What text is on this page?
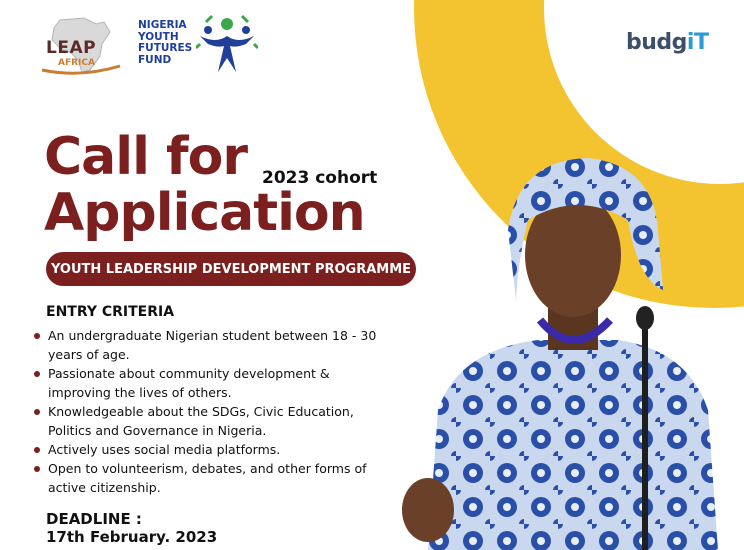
LEAP
AFRICA
NIGERIA
YOUTH
FUTURES
FUND
budgiT
Call for 2023 cohort
Application
YOUTH LEADERSHIP DEVELOPMENT PROGRAMME
ENTRY CRITERIA
An undergraduate Nigerian student between 18 - 30 years of age.
Passionate about community development & improving the lives of others.
Knowledgeable about the SDGs, Civic Education, Politics and Governance in Nigeria.
Actively uses social media platforms.
Open to volunteerism, debates, and other forms of active citizenship.
DEADLINE :
17th February. 2023
